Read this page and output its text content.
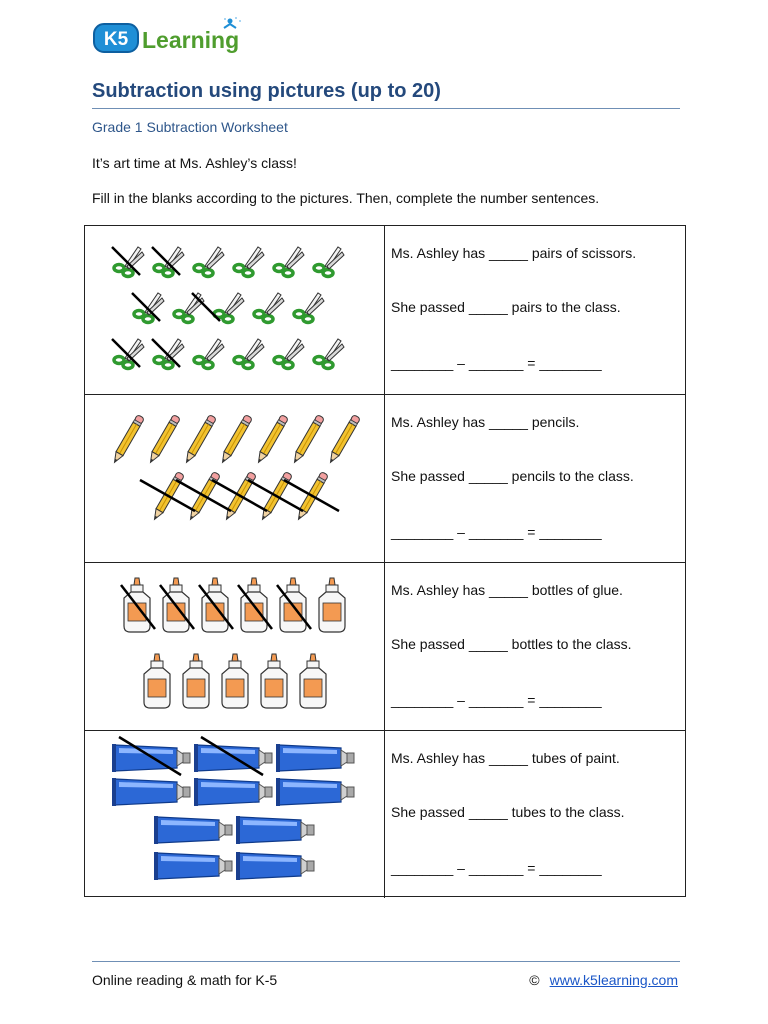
K5 Learning
Subtraction using pictures (up to 20)
Grade 1 Subtraction Worksheet
It’s art time at Ms. Ashley’s class!
Fill in the blanks according to the pictures. Then, complete the number sentences.
Ms. Ashley has _____ pairs of scissors.
She passed _____ pairs to the class.
________ – _______ = ________
Ms. Ashley has _____ pencils.
She passed _____ pencils to the class.
________ – _______ = ________
Ms. Ashley has _____ bottles of glue.
She passed _____ bottles to the class.
________ – _______ = ________
Ms. Ashley has _____ tubes of paint.
She passed _____ tubes to the class.
________ – _______ = ________
Online reading & math for K-5	© www.k5learning.com
